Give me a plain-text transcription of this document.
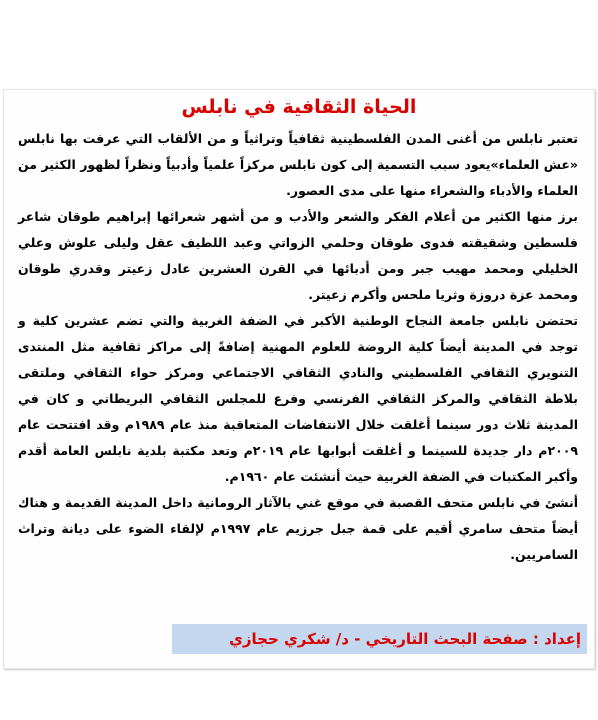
الحياة الثقافية في نابلس

تعتبر نابلس من أغنى المدن الفلسطينية ثقافياً وتراثياً و من الألقاب التي عرفت بها نابلس «عش العلماء»يعود سبب التسمية إلى كون نابلس مركزاً علمياً وأدبياً ونظراً لظهور الكثير من العلماء والأدباء والشعراء منها على مدى العصور.

برز منها الكثير من أعلام الفكر والشعر والأدب و من أشهر شعرائها إبراهيم طوقان شاعر فلسطين وشقيقته فدوى طوقان وحلمي الزواتي وعبد اللطيف عقل وليلى علوش وعلي الخليلي ومحمد مهيب جبر ومن أدبائها في القرن العشرين عادل زعيتر وقدري طوقان ومحمد عزة دروزة وثريا ملحس وأكرم زعيتر.

تحتضن نابلس جامعة النجاح الوطنية الأكبر في الضفة الغربية والتي تضم عشرين كلية و توجد في المدينة أيضاً كلية الروضة للعلوم المهنية إضافةً إلى مراكز ثقافية مثل المنتدى التنويري الثقافي الفلسطيني والنادي الثقافي الاجتماعي ومركز حواء الثقافي وملتقى بلاطة الثقافي والمركز الثقافي الفرنسي وفرع للمجلس الثقافي البريطاني و كان في المدينة ثلاث دور سينما أغلقت خلال الانتفاضات المتعاقبة منذ عام ١٩٨٩م وقد افتتحت عام ٢٠٠٩م دار جديدة للسينما و أغلقت أبوابها عام ٢٠١٩م وتعد مكتبة بلدية نابلس العامة أقدم وأكبر المكتبات في الضفة الغربية حيث أنشئت عام ١٩٦٠م.

أنشئ في نابلس متحف القصبة في موقع غني بالآثار الرومانية داخل المدينة القديمة و هناك أيضاً متحف سامري أقيم على قمة جبل جرزيم عام ١٩٩٧م لإلقاء الضوء على ديانة وتراث السامريين.

إعداد : صفحة البحث التاريخي - د/ شكري حجازي
